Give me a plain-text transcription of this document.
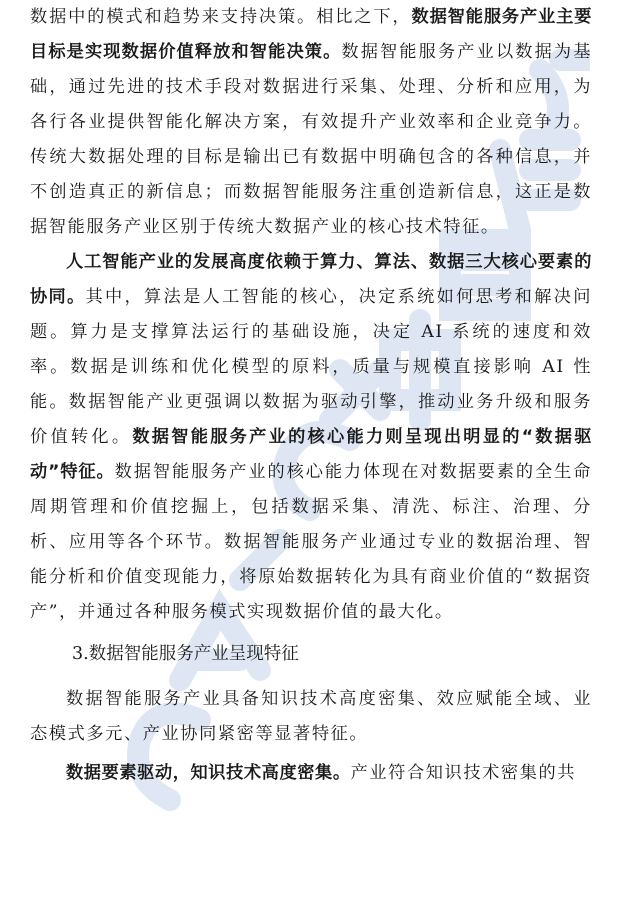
数据中的模式和趋势来支持决策。相比之下，数据智能服务产业主要目标是实现数据价值释放和智能决策。数据智能服务产业以数据为基础，通过先进的技术手段对数据进行采集、处理、分析和应用，为各行各业提供智能化解决方案，有效提升产业效率和企业竞争力。传统大数据处理的目标是输出已有数据中明确包含的各种信息，并不创造真正的新信息；而数据智能服务注重创造新信息，这正是数据智能服务产业区别于传统大数据产业的核心技术特征。

人工智能产业的发展高度依赖于算力、算法、数据三大核心要素的协同。其中，算法是人工智能的核心，决定系统如何思考和解决问题。算力是支撑算法运行的基础设施，决定 AI 系统的速度和效率。数据是训练和优化模型的原料，质量与规模直接影响 AI 性能。数据智能产业更强调以数据为驱动引擎，推动业务升级和服务价值转化。数据智能服务产业的核心能力则呈现出明显的“数据驱动”特征。数据智能服务产业的核心能力体现在对数据要素的全生命周期管理和价值挖掘上，包括数据采集、清洗、标注、治理、分析、应用等各个环节。数据智能服务产业通过专业的数据治理、智能分析和价值变现能力，将原始数据转化为具有商业价值的“数据资产”，并通过各种服务模式实现数据价值的最大化。

3.数据智能服务产业呈现特征

数据智能服务产业具备知识技术高度密集、效应赋能全域、业态模式多元、产业协同紧密等显著特征。

数据要素驱动，知识技术高度密集。产业符合知识技术密集的共
